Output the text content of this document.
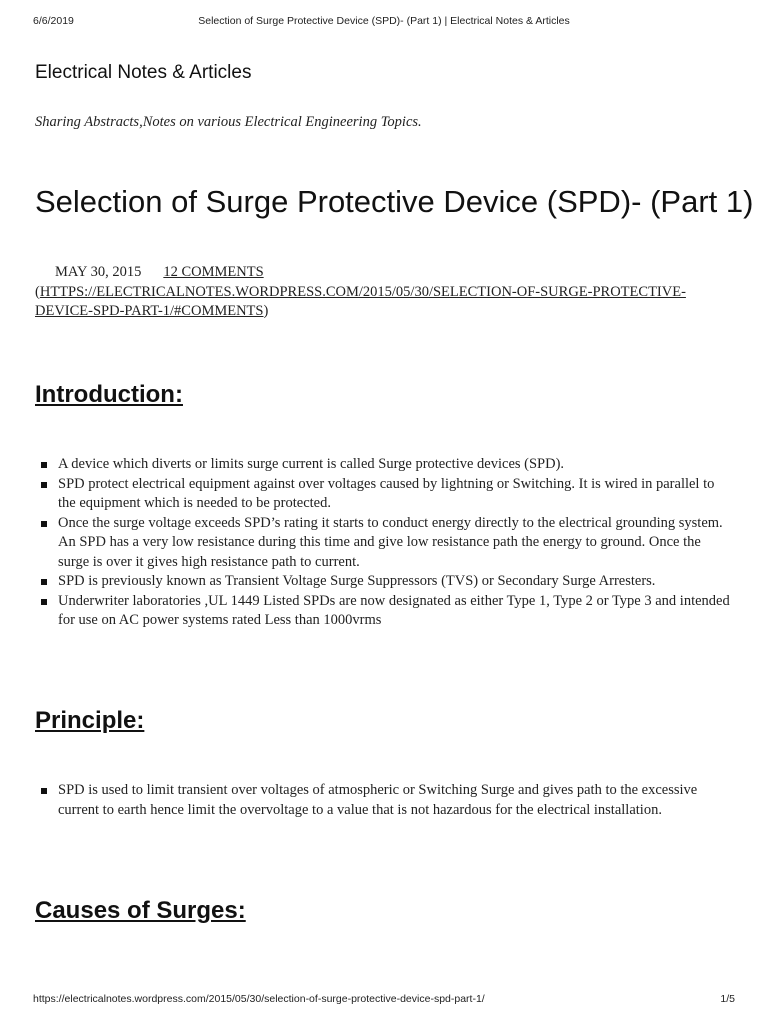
6/6/2019	Selection of Surge Protective Device (SPD)- (Part 1) | Electrical Notes & Articles
Electrical Notes & Articles
Sharing Abstracts,Notes on various Electrical Engineering Topics.
Selection of Surge Protective Device (SPD)- (Part 1)
MAY 30, 2015 12 COMMENTS
(HTTPS://ELECTRICALNOTES.WORDPRESS.COM/2015/05/30/SELECTION-OF-SURGE-PROTECTIVE-DEVICE-SPD-PART-1/#COMMENTS)
Introduction:
A device which diverts or limits surge current is called Surge protective devices (SPD).
SPD protect electrical equipment against over voltages caused by lightning or Switching. It is wired in parallel to the equipment which is needed to be protected.
Once the surge voltage exceeds SPD’s rating it starts to conduct energy directly to the electrical grounding system. An SPD has a very low resistance during this time and give low resistance path the energy to ground. Once the surge is over it gives high resistance path to current.
SPD is previously known as Transient Voltage Surge Suppressors (TVS) or Secondary Surge Arresters.
Underwriter laboratories ,UL 1449 Listed SPDs are now designated as either Type 1, Type 2 or Type 3 and intended for use on AC power systems rated Less than 1000vrms
Principle:
SPD is used to limit transient over voltages of atmospheric or Switching Surge and gives path to the excessive current to earth hence limit the overvoltage to a value that is not hazardous for the electrical installation.
Causes of Surges:
https://electricalnotes.wordpress.com/2015/05/30/selection-of-surge-protective-device-spd-part-1/	1/5
